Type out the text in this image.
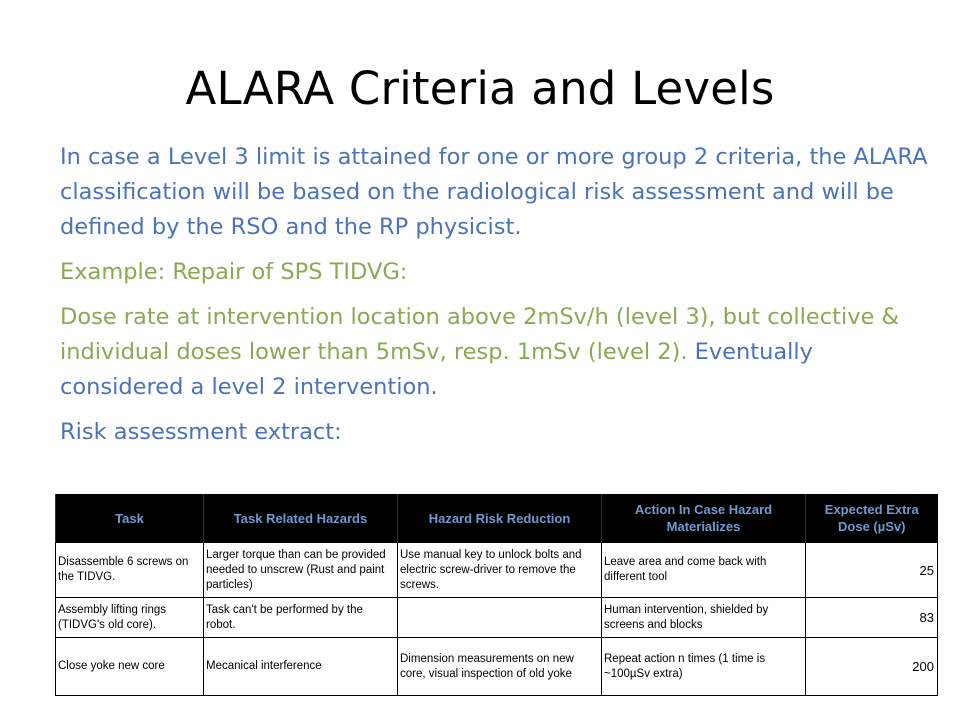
ALARA Criteria and Levels

In case a Level 3 limit is attained for one or more group 2 criteria, the ALARA classification will be based on the radiological risk assessment and will be defined by the RSO and the RP physicist.

Example: Repair of SPS TIDVG:

Dose rate at intervention location above 2mSv/h (level 3), but collective & individual doses lower than 5mSv, resp. 1mSv (level 2). Eventually considered a level 2 intervention.

Risk assessment extract:

Task	Task Related Hazards	Hazard Risk Reduction	Action In Case Hazard Materializes	Expected Extra Dose (µSv)
Disassemble 6 screws on the TIDVG.	Larger torque than can be provided needed to unscrew (Rust and paint particles)	Use manual key to unlock bolts and electric screw-driver to remove the screws.	Leave area and come back with different tool	25
Assembly lifting rings (TIDVG's old core).	Task can't be performed by the robot.		Human intervention, shielded by screens and blocks	83
Close yoke new core	Mecanical interference	Dimension measurements on new core, visual inspection of old yoke	Repeat action n times (1 time is ~100µSv extra)	200
